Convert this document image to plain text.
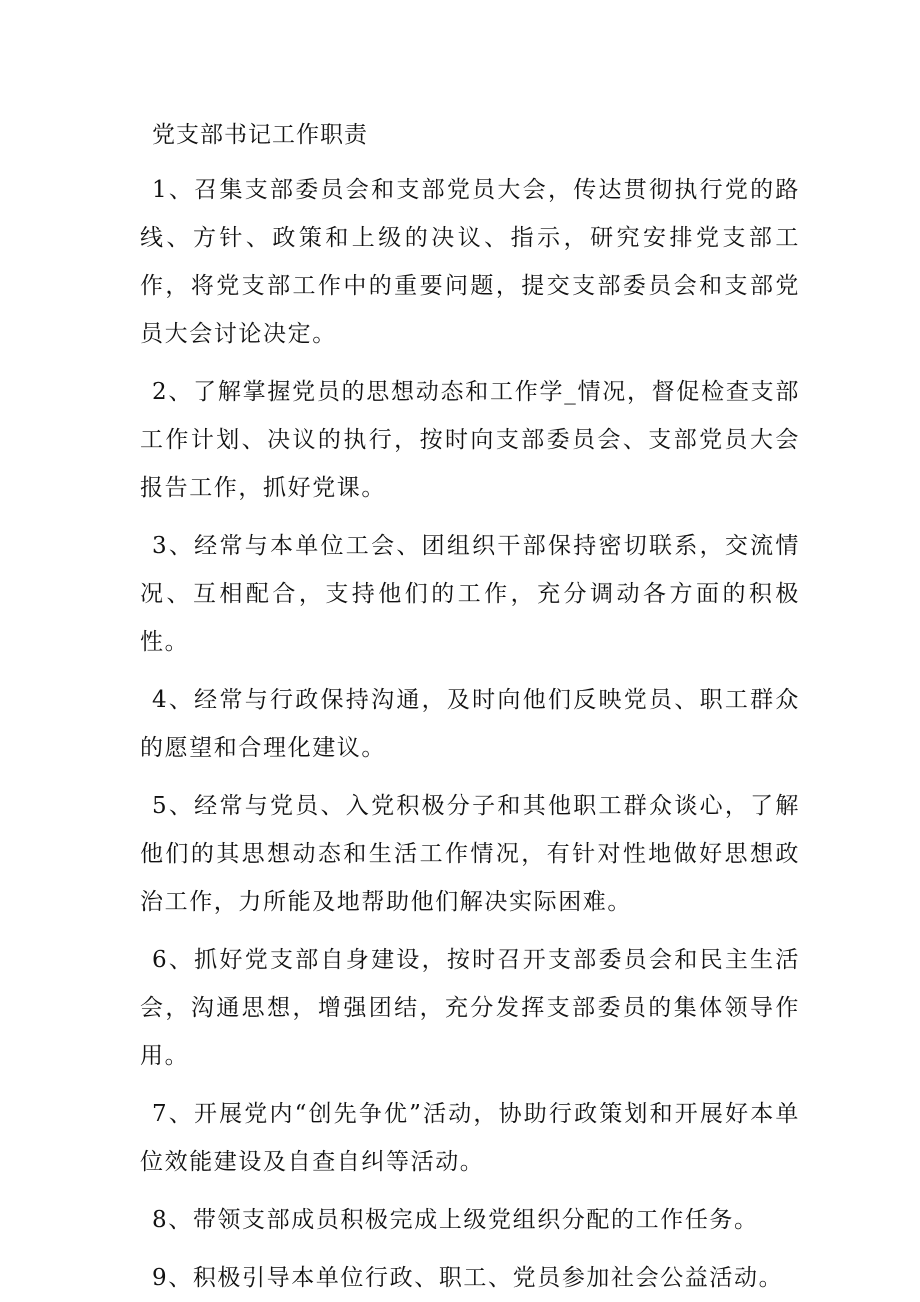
党支部书记工作职责

1、召集支部委员会和支部党员大会，传达贯彻执行党的路线、方针、政策和上级的决议、指示，研究安排党支部工作，将党支部工作中的重要问题，提交支部委员会和支部党员大会讨论决定。

2、了解掌握党员的思想动态和工作学_情况，督促检查支部工作计划、决议的执行，按时向支部委员会、支部党员大会报告工作，抓好党课。

3、经常与本单位工会、团组织干部保持密切联系，交流情况、互相配合，支持他们的工作，充分调动各方面的积极性。

4、经常与行政保持沟通，及时向他们反映党员、职工群众的愿望和合理化建议。

5、经常与党员、入党积极分子和其他职工群众谈心，了解他们的其思想动态和生活工作情况，有针对性地做好思想政治工作，力所能及地帮助他们解决实际困难。

6、抓好党支部自身建设，按时召开支部委员会和民主生活会，沟通思想，增强团结，充分发挥支部委员的集体领导作用。

7、开展党内“创先争优”活动，协助行政策划和开展好本单位效能建设及自查自纠等活动。

8、带领支部成员积极完成上级党组织分配的工作任务。

9、积极引导本单位行政、职工、党员参加社会公益活动。
